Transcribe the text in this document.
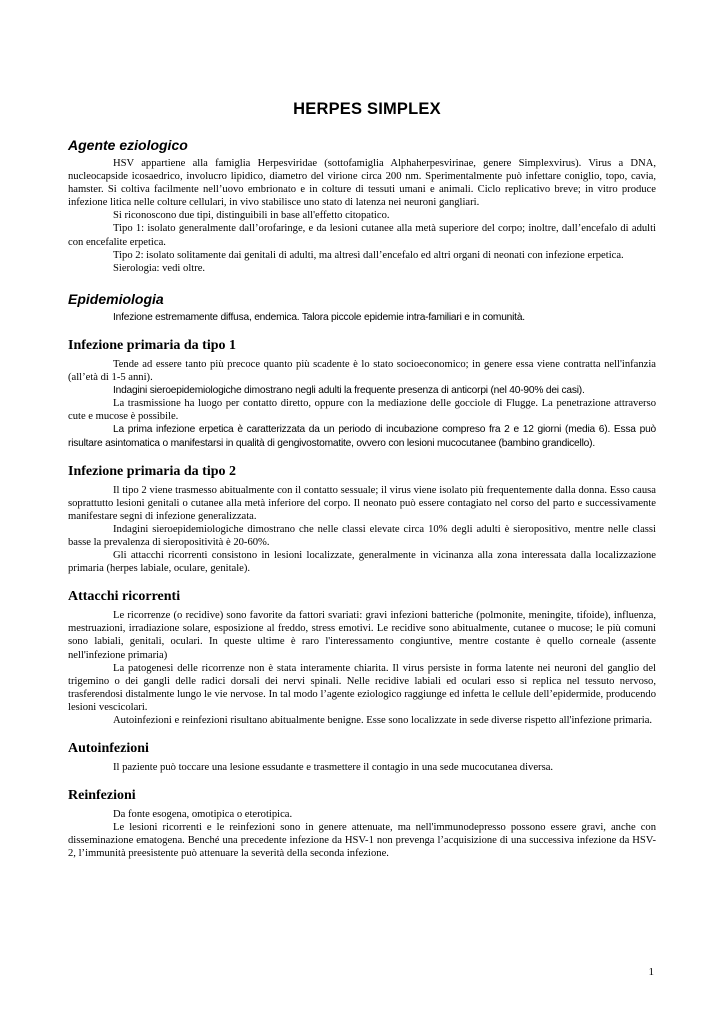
HERPES SIMPLEX
Agente eziologico

HSV appartiene alla famiglia Herpesviridae (sottofamiglia Alphaherpesvirinae, genere Simplexvirus). Virus a DNA, nucleocapside icosaedrico, involucro lipidico, diametro del virione circa 200 nm. Sperimentalmente può infettare coniglio, topo, cavia, hamster. Si coltiva facilmente nell’uovo embrionato e in colture di tessuti umani e animali. Ciclo replicativo breve; in vitro produce infezione litica nelle colture cellulari, in vivo stabilisce uno stato di latenza nei neuroni gangliari.

Si riconoscono due tipi, distinguibili in base all'effetto citopatico.

Tipo 1: isolato generalmente dall’orofaringe, e da lesioni cutanee alla metà superiore del corpo; inoltre, dall’encefalo di adulti con encefalite erpetica.

Tipo 2: isolato solitamente dai genitali di adulti, ma altresì dall’encefalo ed altri organi di neonati con infezione erpetica.

Sierologia: vedi oltre.

Epidemiologia

Infezione estremamente diffusa, endemica. Talora piccole epidemie intra-familiari e in comunità.

Infezione primaria da tipo 1

Tende ad essere tanto più precoce quanto più scadente è lo stato socioeconomico; in genere essa viene contratta nell'infanzia (all’età di 1-5 anni).

Indagini sieroepidemiologiche dimostrano negli adulti la frequente presenza di anticorpi (nel 40-90% dei casi).

La trasmissione ha luogo per contatto diretto, oppure con la mediazione delle gocciole di Flugge. La penetrazione attraverso cute e mucose è possibile.

La prima infezione erpetica è caratterizzata da un periodo di incubazione compreso fra 2 e 12 giorni (media 6). Essa può risultare asintomatica o manifestarsi in qualità di gengivostomatite, ovvero con lesioni mucocutanee (bambino grandicello).

Infezione primaria da tipo 2

Il tipo 2 viene trasmesso abitualmente con il contatto sessuale; il virus viene isolato più frequentemente dalla donna. Esso causa soprattutto lesioni genitali o cutanee alla metà inferiore del corpo. Il neonato può essere contagiato nel corso del parto e successivamente manifestare segni di infezione generalizzata.

Indagini sieroepidemiologiche dimostrano che nelle classi elevate circa 10% degli adulti è sieropositivo, mentre nelle classi basse la prevalenza di sieropositività è 20-60%.

Gli attacchi ricorrenti consistono in lesioni localizzate, generalmente in vicinanza alla zona interessata dalla localizzazione primaria (herpes labiale, oculare, genitale).

Attacchi ricorrenti

Le ricorrenze (o recidive) sono favorite da fattori svariati: gravi infezioni batteriche (polmonite, meningite, tifoide), influenza, mestruazioni, irradiazione solare, esposizione al freddo, stress emotivi. Le recidive sono abitualmente, cutanee o mucose; le più comuni sono labiali, genitali, oculari. In queste ultime è raro l'interessamento congiuntive, mentre costante è quello corneale (assente nell'infezione primaria)

La patogenesi delle ricorrenze non è stata interamente chiarita. Il virus persiste in forma latente nei neuroni del ganglio del trigemino o dei gangli delle radici dorsali dei nervi spinali. Nelle recidive labiali ed oculari esso si replica nel tessuto nervoso, trasferendosi distalmente lungo le vie nervose. In tal modo l’agente eziologico raggiunge ed infetta le cellule dell’epidermide, producendo lesioni vescicolari.

Autoinfezioni e reinfezioni risultano abitualmente benigne. Esse sono localizzate in sede diverse rispetto all'infezione primaria.

Autoinfezioni

Il paziente può toccare una lesione essudante e trasmettere il contagio in una sede mucocutanea diversa.

Reinfezioni

Da fonte esogena, omotipica o eterotipica.

Le lesioni ricorrenti e le reinfezioni sono in genere attenuate, ma nell'immunodepresso possono essere gravi, anche con disseminazione ematogena. Benché una precedente infezione da HSV-1 non prevenga l’acquisizione di una successiva infezione da HSV-2, l’immunità preesistente può attenuare la severità della seconda infezione.

1
